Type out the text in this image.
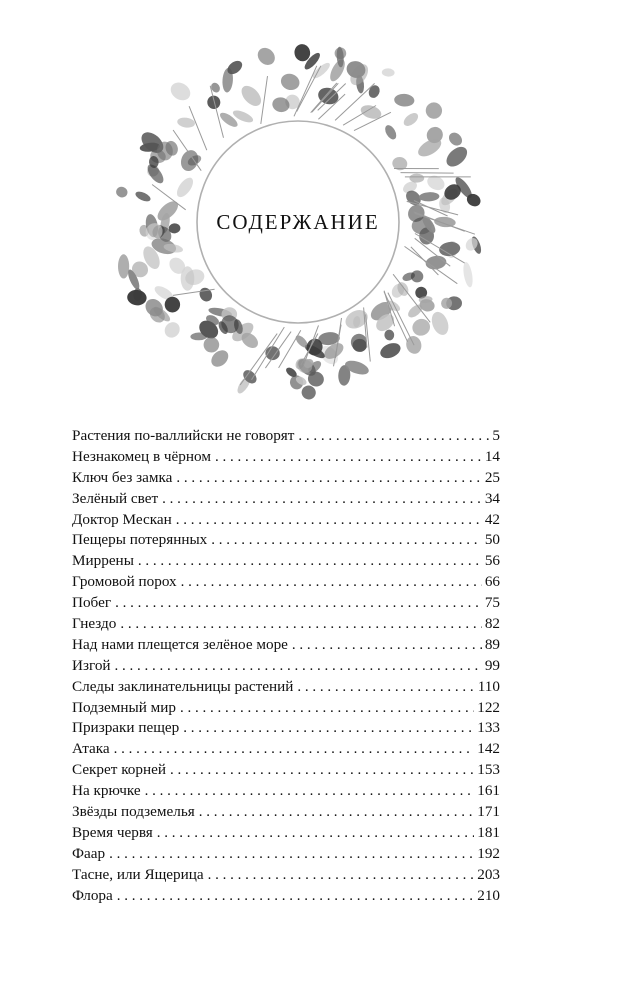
СОДЕРЖАНИЕ
Растения по-валлийски не говорят . . .	5
Незнакомец в чёрном . . .	14
Ключ без замка . . .	25
Зелёный свет . . .	34
Доктор Мескан . . .	42
Пещеры потерянных . . .	50
Миррены . . .	56
Громовой порох . . .	66
Побег . . .	75
Гнездо . . .	82
Над нами плещется зелёное море . . .	89
Изгой . . .	99
Следы заклинательницы растений . . .	110
Подземный мир . . .	122
Призраки пещер . . .	133
Атака . . .	142
Секрет корней . . .	153
На крючке . . .	161
Звёзды подземелья . . .	171
Время червя . . .	181
Фаар . . .	192
Тасне, или Ящерица . . .	203
Флора . . .	210
